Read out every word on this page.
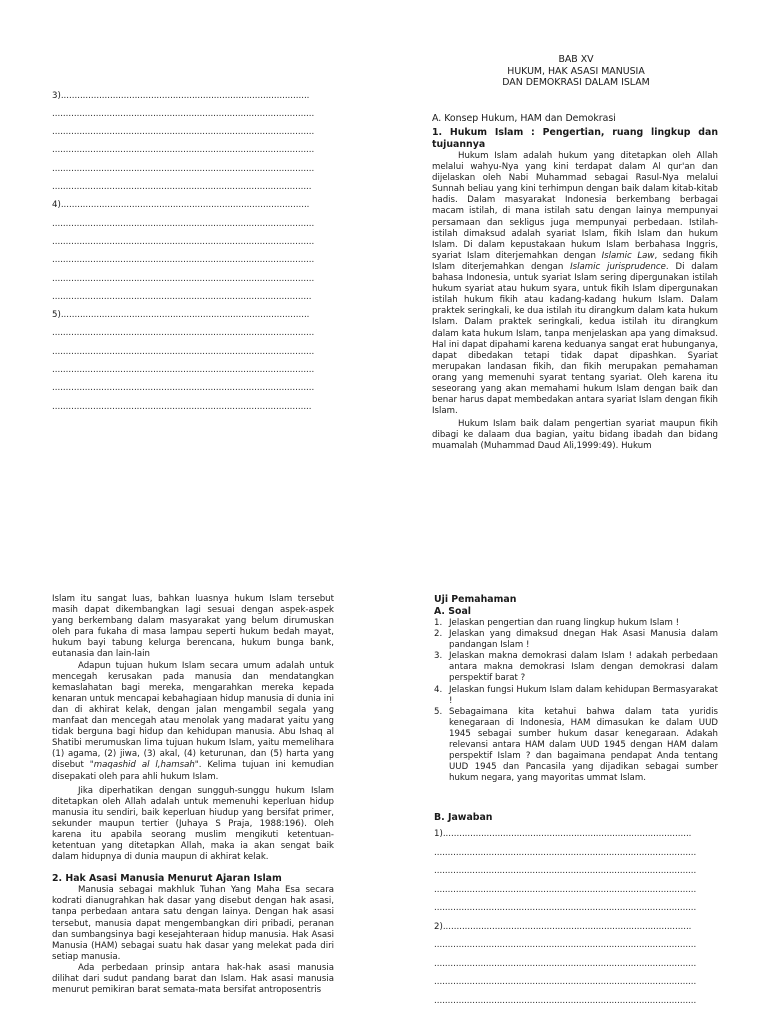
3)...........................................................................................
................................................................................................
................................................................................................
................................................................................................
................................................................................................
...............................................................................................
4)...........................................................................................
................................................................................................
................................................................................................
................................................................................................
................................................................................................
...............................................................................................
5)...........................................................................................
................................................................................................
................................................................................................
................................................................................................
................................................................................................
...............................................................................................

BAB XV
HUKUM, HAK ASASI MANUSIA
DAN DEMOKRASI DALAM ISLAM

A. Konsep Hukum, HAM dan Demokrasi

1. Hukum Islam : Pengertian, ruang lingkup dan tujuannya

Hukum Islam adalah hukum yang ditetapkan oleh Allah melalui wahyu-Nya yang kini terdapat dalam Al qur'an dan dijelaskan oleh Nabi Muhammad sebagai Rasul-Nya melalui Sunnah beliau yang kini terhimpun dengan baik dalam kitab-kitab hadis. Dalam masyarakat Indonesia berkembang berbagai macam istilah, di mana istilah satu dengan lainya mempunyai persamaan dan sekligus juga mempunyai perbedaan. Istilah-istilah dimaksud adalah syariat Islam, fikih Islam dan hukum Islam. Di dalam kepustakaan hukum Islam berbahasa Inggris, syariat Islam diterjemahkan dengan Islamic Law, sedang fikih Islam diterjemahkan dengan Islamic jurisprudence. Di dalam bahasa Indonesia, untuk syariat Islam sering dipergunakan istilah hukum syariat atau hukum syara, untuk fikih Islam dipergunakan istilah hukum fikih atau kadang-kadang hukum Islam. Dalam praktek seringkali, ke dua istilah itu dirangkum dalam kata hukum Islam. Dalam praktek seringkali, kedua istilah itu dirangkum dalam kata hukum Islam, tanpa menjelaskan apa yang dimaksud. Hal ini dapat dipahami karena keduanya sangat erat hubunganya, dapat dibedakan tetapi tidak dapat dipashkan. Syariat merupakan landasan fikih, dan fikih merupakan pemahaman orang yang memenuhi syarat tentang syariat. Oleh karena itu seseorang yang akan memahami hukum Islam dengan baik dan benar harus dapat membedakan antara syariat Islam dengan fikih Islam.

Hukum Islam baik dalam pengertian syariat maupun fikih dibagi ke dalaam dua bagian, yaitu bidang ibadah dan bidang muamalah (Muhammad Daud Ali,1999:49). Hukum

Islam itu sangat luas, bahkan luasnya hukum Islam tersebut masih dapat dikembangkan lagi sesuai dengan aspek-aspek yang berkembang dalam masyarakat yang belum dirumuskan oleh para fukaha di masa lampau seperti hukum bedah mayat, hukum bayi tabung kelurga berencana, hukum bunga bank, eutanasia dan lain-lain

Adapun tujuan hukum Islam secara umum adalah untuk mencegah kerusakan pada manusia dan mendatangkan kemaslahatan bagi mereka, mengarahkan mereka kepada kenaran untuk mencapai kebahagiaan hidup manusia di dunia ini dan di akhirat kelak, dengan jalan mengambil segala yang manfaat dan mencegah atau menolak yang madarat yaitu yang tidak berguna bagi hidup dan kehidupan manusia. Abu Ishaq al Shatibi merumuskan lima tujuan hukum Islam, yaitu memelihara (1) agama, (2) jiwa, (3) akal, (4) keturunan, dan (5) harta yang disebut "maqashid al l,hamsah". Kelima tujuan ini kemudian disepakati oleh para ahli hukum Islam.

Jika diperhatikan dengan sungguh-sunggu hukum Islam ditetapkan oleh Allah adalah untuk memenuhi keperluan hidup manusia itu sendiri, baik keperluan hiudup yang bersifat primer, sekunder maupun tertier (Juhaya S Praja, 1988:196). Oleh karena itu apabila seorang muslim mengikuti ketentuan-ketentuan yang ditetapkan Allah, maka ia akan sengat baik dalam hidupnya di dunia maupun di akhirat kelak.

2. Hak Asasi Manusia Menurut Ajaran Islam

Manusia sebagai makhluk Tuhan Yang Maha Esa secara kodrati dianugrahkan hak dasar yang disebut dengan hak asasi, tanpa perbedaan antara satu dengan lainya. Dengan hak asasi tersebut, manusia dapat mengembangkan diri pribadi, peranan dan sumbangsinya bagi kesejahteraan hidup manusia. Hak Asasi Manusia (HAM) sebagai suatu hak dasar yang melekat pada diri setiap manusia.

Ada perbedaan prinsip antara hak-hak asasi manusia dilihat dari sudut pandang barat dan Islam. Hak asasi manusia menurut pemikiran barat semata-mata bersifat antroposentris

Uji Pemahaman

A. Soal

1. Jelaskan pengertian dan ruang lingkup hukum Islam !
2. Jelaskan yang dimaksud dnegan Hak Asasi Manusia dalam pandangan Islam !
3. Jelaskan makna demokrasi dalam Islam ! adakah perbedaan antara makna demokrasi Islam dengan demokrasi dalam perspektif barat ?
4. Jelaskan fungsi Hukum Islam dalam kehidupan Bermasyarakat !
5. Sebagaimana kita ketahui bahwa dalam tata yuridis kenegaraan di Indonesia, HAM dimasukan ke dalam UUD 1945 sebagai sumber hukum dasar kenegaraan. Adakah relevansi antara HAM dalam UUD 1945 dengan HAM dalam perspektif Islam ? dan bagaimana pendapat Anda tentang UUD 1945 dan Pancasila yang dijadikan sebagai sumber hukum negara, yang mayoritas ummat Islam.

B. Jawaban

1)...........................................................................................
................................................................................................
................................................................................................
................................................................................................
................................................................................................
2)...........................................................................................
................................................................................................
................................................................................................
................................................................................................
................................................................................................
